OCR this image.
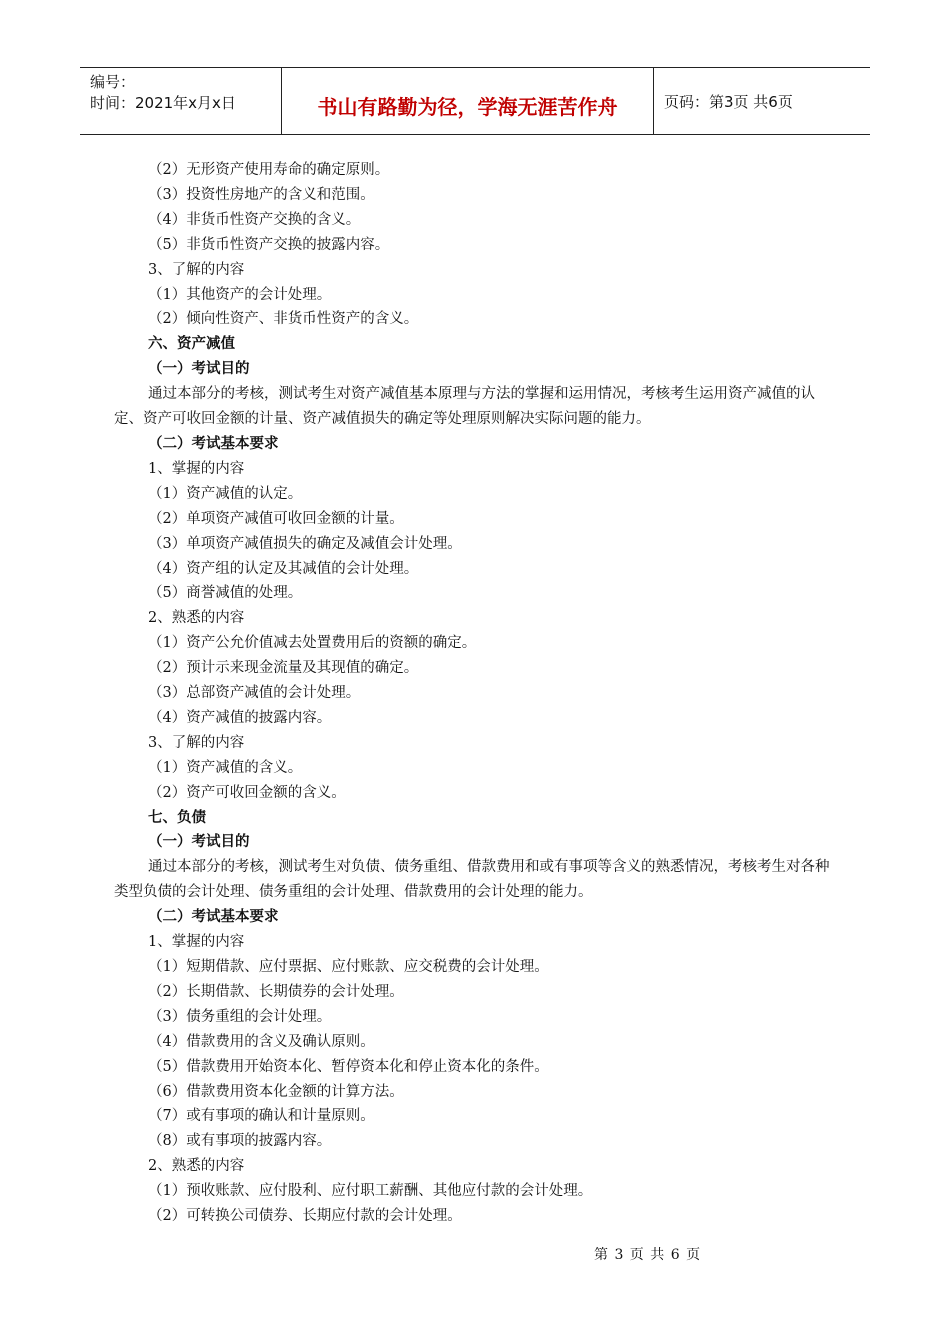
编号：
时间：2021年x月x日	书山有路勤为径，学海无涯苦作舟	页码：第3页 共6页
（2）无形资产使用寿命的确定原则。
（3）投资性房地产的含义和范围。
（4）非货币性资产交换的含义。
（5）非货币性资产交换的披露内容。
3、了解的内容
（1）其他资产的会计处理。
（2）倾向性资产、非货币性资产的含义。
六、资产减值
（一）考试目的
通过本部分的考核，测试考生对资产减值基本原理与方法的掌握和运用情况，考核考生运用资产减值的认定、资产可收回金额的计量、资产减值损失的确定等处理原则解决实际问题的能力。
（二）考试基本要求
1、掌握的内容
（1）资产减值的认定。
（2）单项资产减值可收回金额的计量。
（3）单项资产减值损失的确定及减值会计处理。
（4）资产组的认定及其减值的会计处理。
（5）商誉减值的处理。
2、熟悉的内容
（1）资产公允价值减去处置费用后的资额的确定。
（2）预计示来现金流量及其现值的确定。
（3）总部资产减值的会计处理。
（4）资产减值的披露内容。
3、了解的内容
（1）资产减值的含义。
（2）资产可收回金额的含义。
七、负债
（一）考试目的
通过本部分的考核，测试考生对负债、债务重组、借款费用和或有事项等含义的熟悉情况，考核考生对各种类型负债的会计处理、债务重组的会计处理、借款费用的会计处理的能力。
（二）考试基本要求
1、掌握的内容
（1）短期借款、应付票据、应付账款、应交税费的会计处理。
（2）长期借款、长期债券的会计处理。
（3）债务重组的会计处理。
（4）借款费用的含义及确认原则。
（5）借款费用开始资本化、暂停资本化和停止资本化的条件。
（6）借款费用资本化金额的计算方法。
（7）或有事项的确认和计量原则。
（8）或有事项的披露内容。
2、熟悉的内容
（1）预收账款、应付股利、应付职工薪酬、其他应付款的会计处理。
（2）可转换公司债券、长期应付款的会计处理。
第 3 页 共 6 页
